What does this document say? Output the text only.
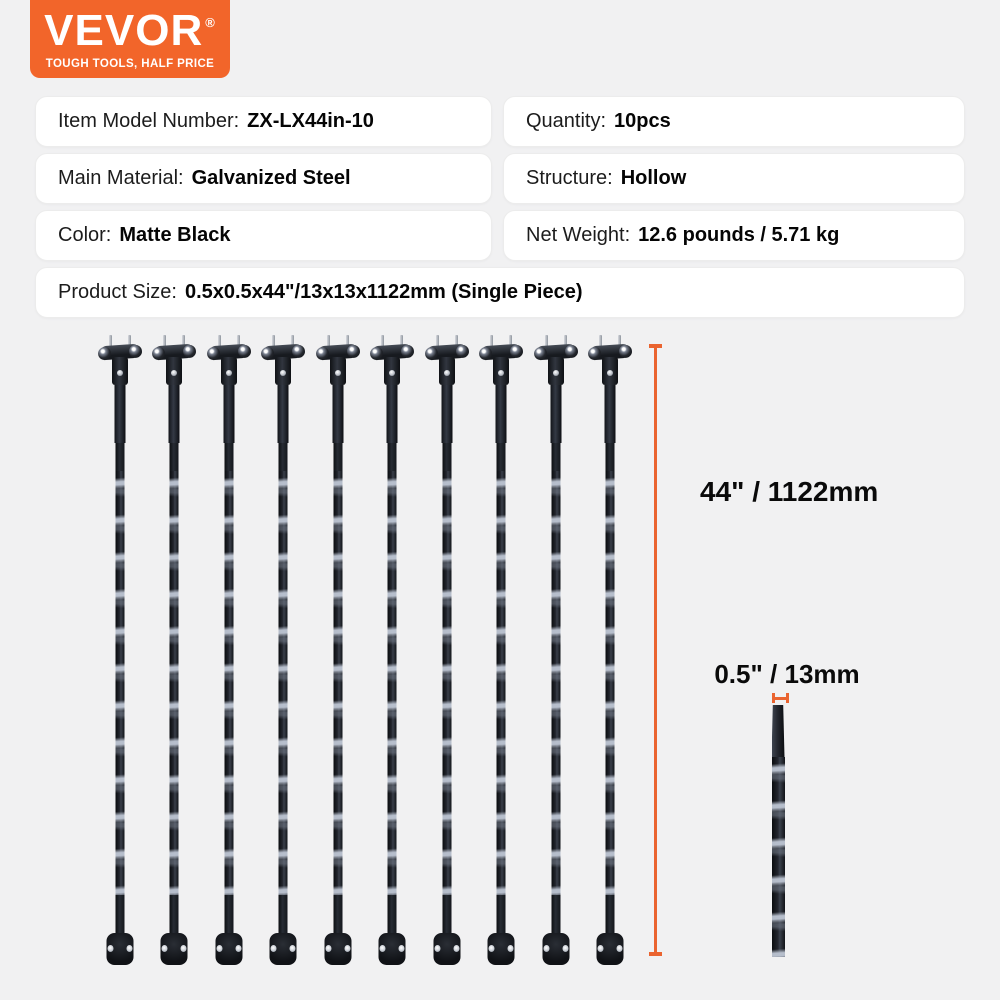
VEVOR ®
TOUGH TOOLS, HALF PRICE
Item Model Number: ZX-LX44in-10	Quantity: 10pcs
Main Material: Galvanized Steel	Structure: Hollow
Color: Matte Black	Net Weight: 12.6 pounds / 5.71 kg
Product Size: 0.5x0.5x44"/13x13x1122mm (Single Piece)
44" / 1122mm
0.5" / 13mm
